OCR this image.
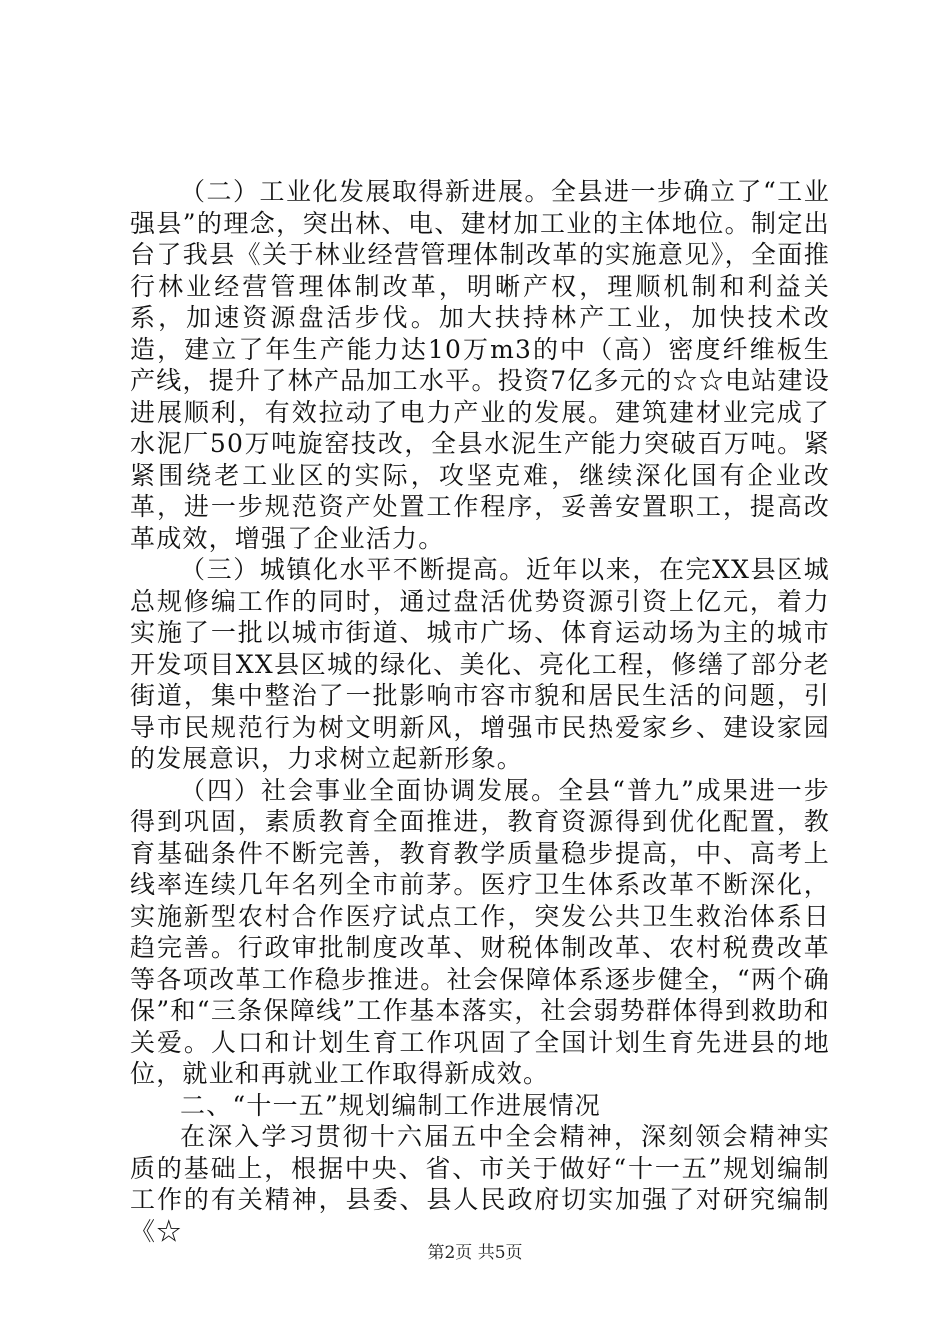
（二）工业化发展取得新进展。全县进一步确立了“工业强县”的理念，突出林、电、建材加工业的主体地位。制定出台了我县《关于林业经营管理体制改革的实施意见》，全面推行林业经营管理体制改革，明晰产权，理顺机制和利益关系，加速资源盘活步伐。加大扶持林产工业，加快技术改造，建立了年生产能力达10万m3的中（高）密度纤维板生产线，提升了林产品加工水平。投资7亿多元的☆☆电站建设进展顺利，有效拉动了电力产业的发展。建筑建材业完成了水泥厂50万吨旋窑技改，全县水泥生产能力突破百万吨。紧紧围绕老工业区的实际，攻坚克难，继续深化国有企业改革，进一步规范资产处置工作程序，妥善安置职工，提高改革成效，增强了企业活力。

（三）城镇化水平不断提高。近年以来，在完XX县区城总规修编工作的同时，通过盘活优势资源引资上亿元，着力实施了一批以城市街道、城市广场、体育运动场为主的城市开发项目XX县区城的绿化、美化、亮化工程，修缮了部分老街道，集中整治了一批影响市容市貌和居民生活的问题，引导市民规范行为树文明新风，增强市民热爱家乡、建设家园的发展意识，力求树立起新形象。

（四）社会事业全面协调发展。全县“普九”成果进一步得到巩固，素质教育全面推进，教育资源得到优化配置，教育基础条件不断完善，教育教学质量稳步提高，中、高考上线率连续几年名列全市前茅。医疗卫生体系改革不断深化，实施新型农村合作医疗试点工作，突发公共卫生救治体系日趋完善。行政审批制度改革、财税体制改革、农村税费改革等各项改革工作稳步推进。社会保障体系逐步健全，“两个确保”和“三条保障线”工作基本落实，社会弱势群体得到救助和关爱。人口和计划生育工作巩固了全国计划生育先进县的地位，就业和再就业工作取得新成效。

二、“十一五”规划编制工作进展情况

在深入学习贯彻十六届五中全会精神，深刻领会精神实质的基础上，根据中央、省、市关于做好“十一五”规划编制工作的有关精神，县委、县人民政府切实加强了对研究编制《☆

第2页 共5页
